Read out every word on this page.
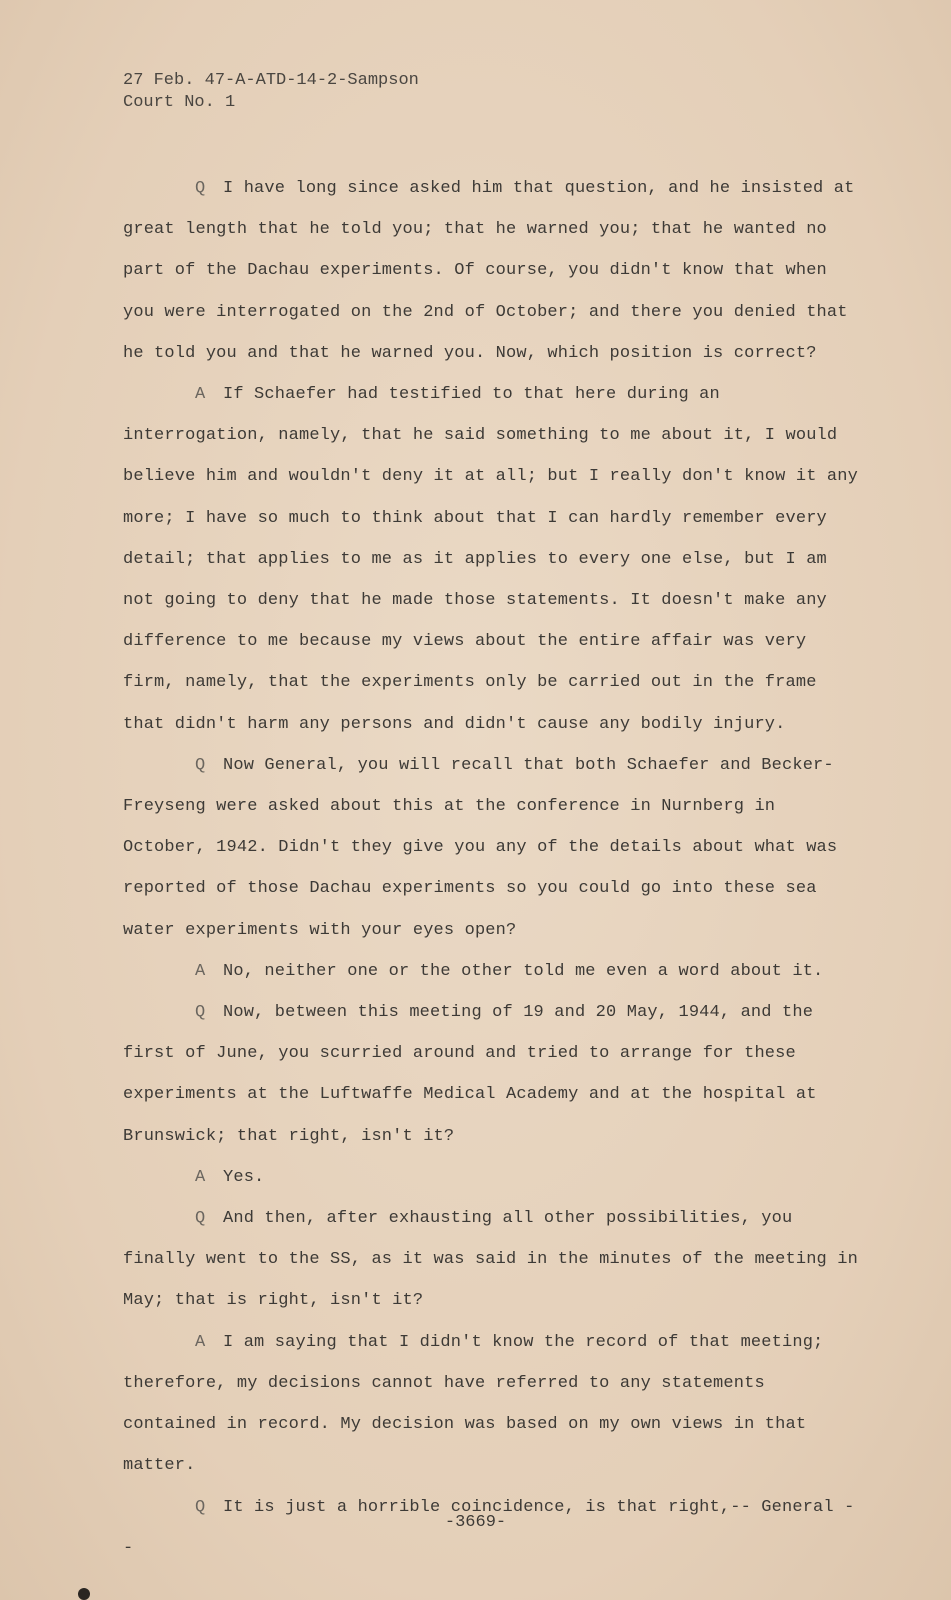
27 Feb. 47-A-ATD-14-2-Sampson
Court No. 1

Q I have long since asked him that question, and he insisted at great length that he told you; that he warned you; that he wanted no part of the Dachau experiments. Of course, you didn't know that when you were interrogated on the 2nd of October; and there you denied that he told you and that he warned you. Now, which position is correct?

A If Schaefer had testified to that here during an interrogation, namely, that he said something to me about it, I would believe him and wouldn't deny it at all; but I really don't know it any more; I have so much to think about that I can hardly remember every detail; that applies to me as it applies to every one else, but I am not going to deny that he made those statements. It doesn't make any difference to me because my views about the entire affair was very firm, namely, that the experiments only be carried out in the frame that didn't harm any persons and didn't cause any bodily injury.

Q Now General, you will recall that both Schaefer and Becker-Freyseng were asked about this at the conference in Nurnberg in October, 1942. Didn't they give you any of the details about what was reported of those Dachau experiments so you could go into these sea water experiments with your eyes open?

A No, neither one or the other told me even a word about it.

Q Now, between this meeting of 19 and 20 May, 1944, and the first of June, you scurried around and tried to arrange for these experiments at the Luftwaffe Medical Academy and at the hospital at Brunswick; that right, isn't it?

A Yes.

Q And then, after exhausting all other possibilities, you finally went to the SS, as it was said in the minutes of the meeting in May; that is right, isn't it?

A I am saying that I didn't know the record of that meeting; therefore, my decisions cannot have referred to any statements contained in record. My decision was based on my own views in that matter.

Q It is just a horrible coincidence, is that right,-- General --

-3669-
